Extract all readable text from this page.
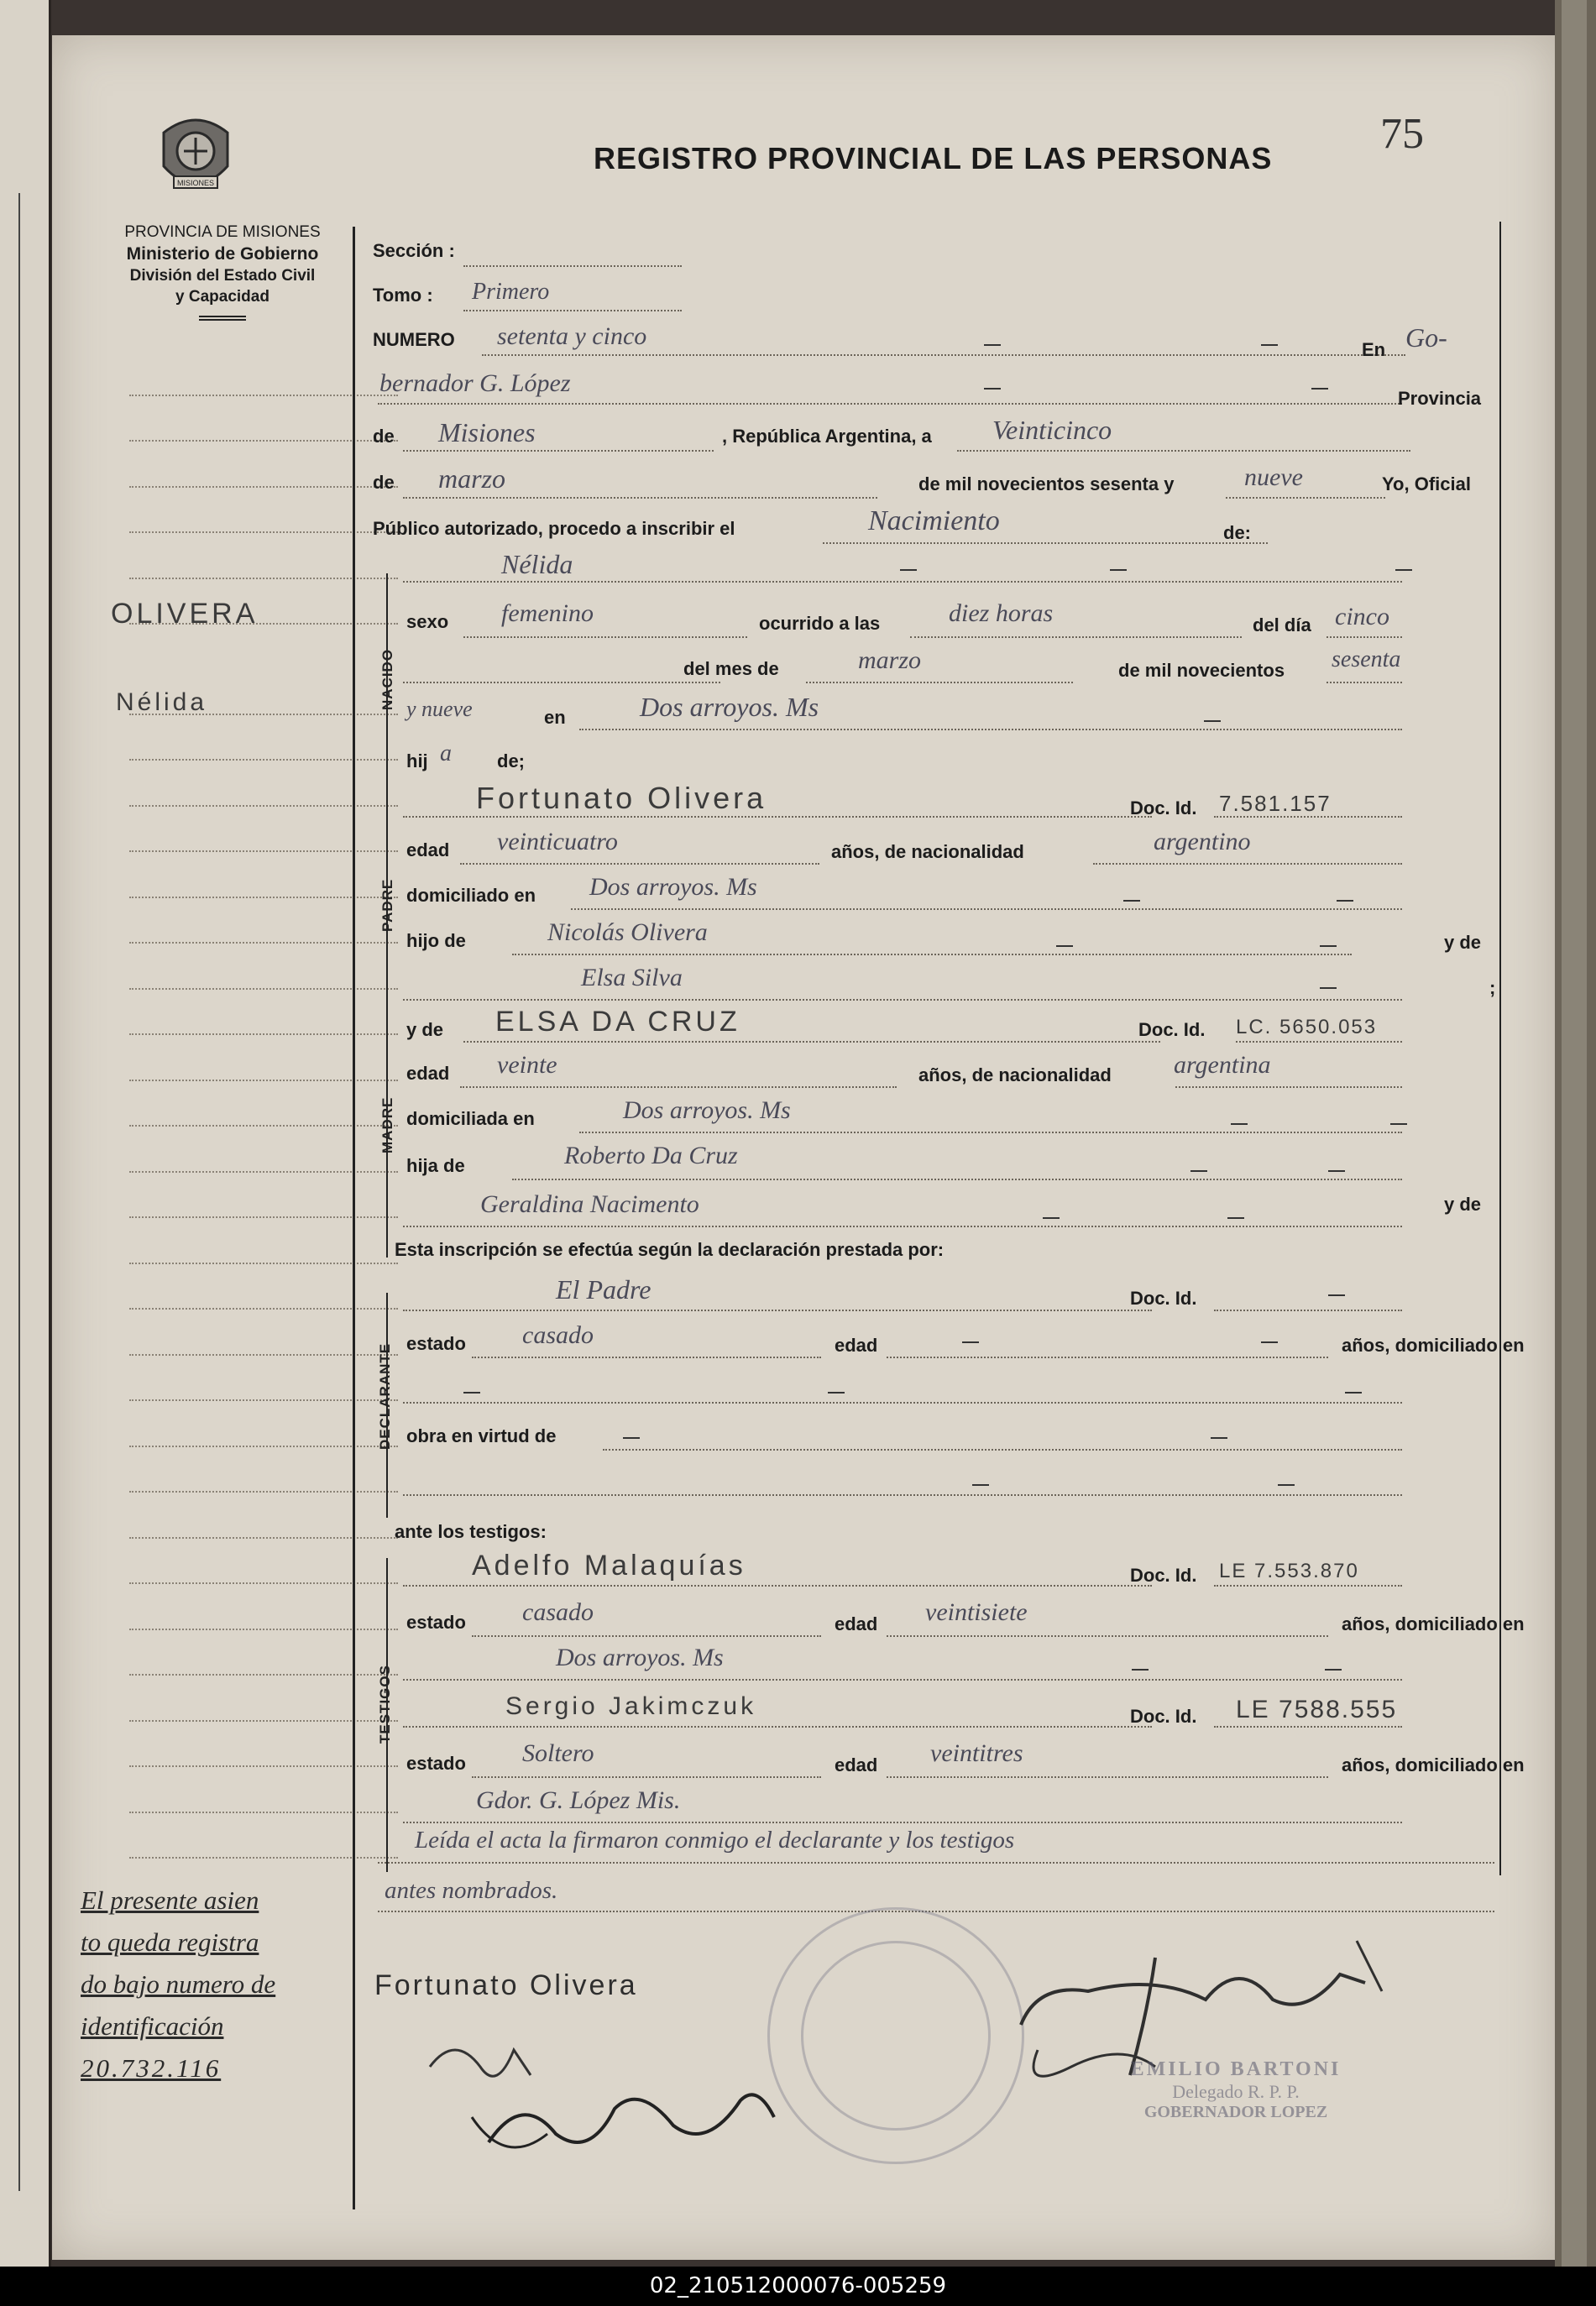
75
REGISTRO PROVINCIAL DE LAS PERSONAS
MISIONES
PROVINCIA DE MISIONES
Ministerio de Gobierno
División del Estado Civil
y Capacidad
OLIVERA
Nélida
El presente asien
to queda registra
do bajo numero de
identificación
20.732.116
Sección :
Tomo : Primero
NUMERO setenta y cinco	En Go-
bernador G. López
Provincia
de Misiones	, República Argentina, a Veinticinco
de marzo	de mil novecientos sesenta y	nueve	Yo, Oficial
Público autorizado, procedo a inscribir el	Nacimiento	de:
NACIDO
Nélida
sexo femenino	ocurrido a las	diez horas	del día cinco
del mes de	marzo	de mil novecientos sesenta
y nueve	en	Dos arroyos. Ms
hij a de;
PADRE
Fortunato Olivera	Doc. Id. 7.581.157
edad veinticuatro	años, de nacionalidad	argentino
domiciliado en Dos arroyos. Ms
hijo de	Nicolás Olivera	y de
Elsa Silva	;
MADRE
y de ELSA DA CRUZ	Doc. Id. LC. 5650.053
edad veinte	años, de nacionalidad argentina
domiciliada en	Dos arroyos. Ms
hija de	Roberto Da Cruz
y de
Geraldina Nacimento
Esta inscripción se efectúa según la declaración prestada por:
DECLARANTE
El Padre	Doc. Id.
estado casado	edad	años, domiciliado en
obra en virtud de
ante los testigos:
TESTIGOS
Adelfo Malaquías	Doc. Id. LE 7.553.870
estado casado	edad veintisiete	años, domiciliado en
Dos arroyos. Ms
Sergio Jakimczuk	Doc. Id. LE 7588.555
estado Soltero	edad veintitres	años, domiciliado en
Gdor. G. López Mis.
Leída el acta la firmaron conmigo el declarante y los testigos
antes nombrados.
Fortunato Olivera
EMILIO BARTONI
Delegado R. P. P.
GOBERNADOR LOPEZ
02_210512000076-005259
